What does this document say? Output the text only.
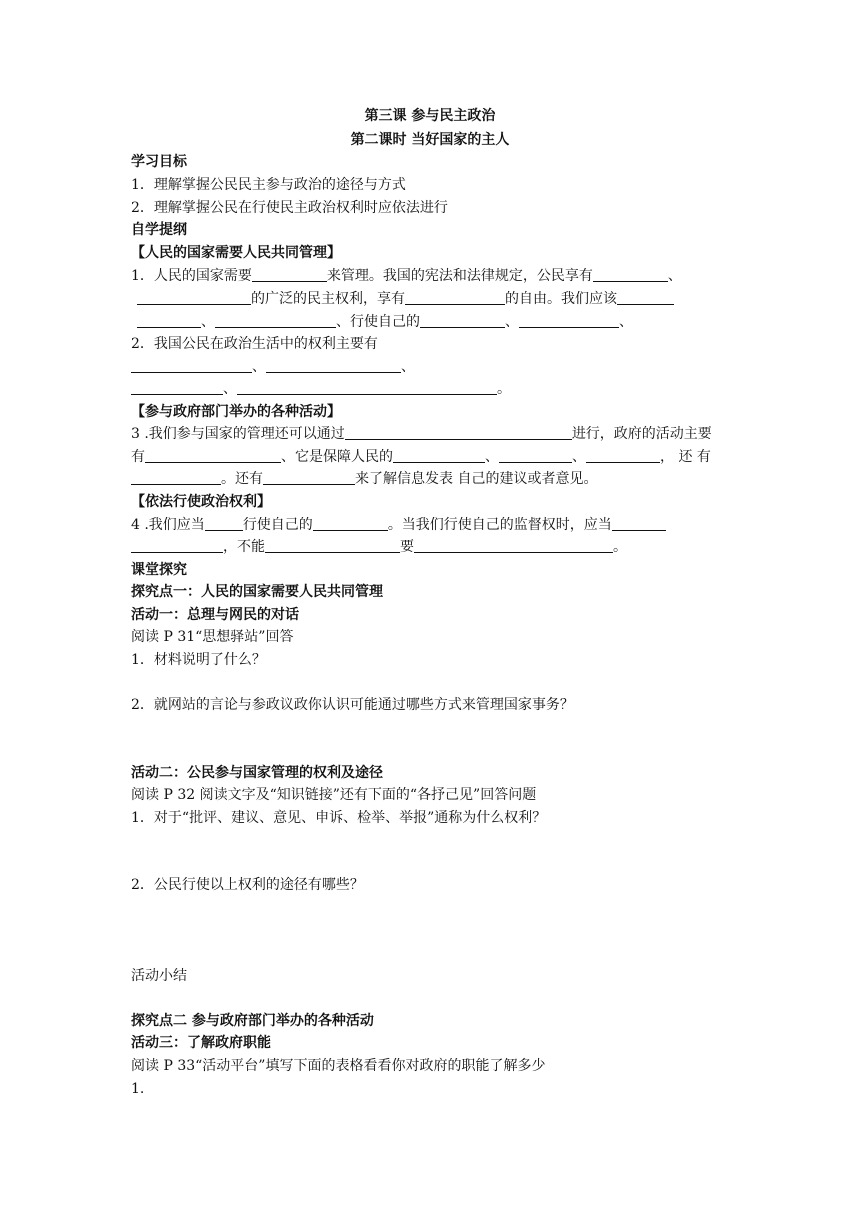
第三课 参与民主政治
第二课时 当好国家的主人
学习目标
1．理解掌握公民民主参与政治的途径与方式
2．理解掌握公民在行使民主政治权利时应依法进行
自学提纲
【人民的国家需要人民共同管理】
1．人民的国家需要	来管理。我国的宪法和法律规定，公民享有	、
的广泛的民主权利，享有	的自由。我们应该
、	、行使自己的	、	、
2．我国公民在政治生活中的权利主要有
、	、
、	。
【参与政府部门举办的各种活动】
3 .我们参与国家的管理还可以通过	进行，政府的活动主要
有	、它是保障人民的	、	、	， 还 有
。还有	来了解信息发表 自己的建议或者意见。
【依法行使政治权利】
4 .我们应当	行使自己的	。当我们行使自己的监督权时，应当
，不能	要	。
课堂探究
探究点一：人民的国家需要人民共同管理
活动一：总理与网民的对话
阅读 P 31“思想驿站”回答
1．材料说明了什么？
2．就网站的言论与参政议政你认识可能通过哪些方式来管理国家事务？
活动二：公民参与国家管理的权利及途径
阅读 P 32 阅读文字及“知识链接”还有下面的“各抒己见”回答问题
1．对于“批评、建议、意见、申诉、检举、举报”通称为什么权利？
2．公民行使以上权利的途径有哪些？
活动小结
探究点二 参与政府部门举办的各种活动
活动三：了解政府职能
阅读 P 33“活动平台”填写下面的表格看看你对政府的职能了解多少
1.
